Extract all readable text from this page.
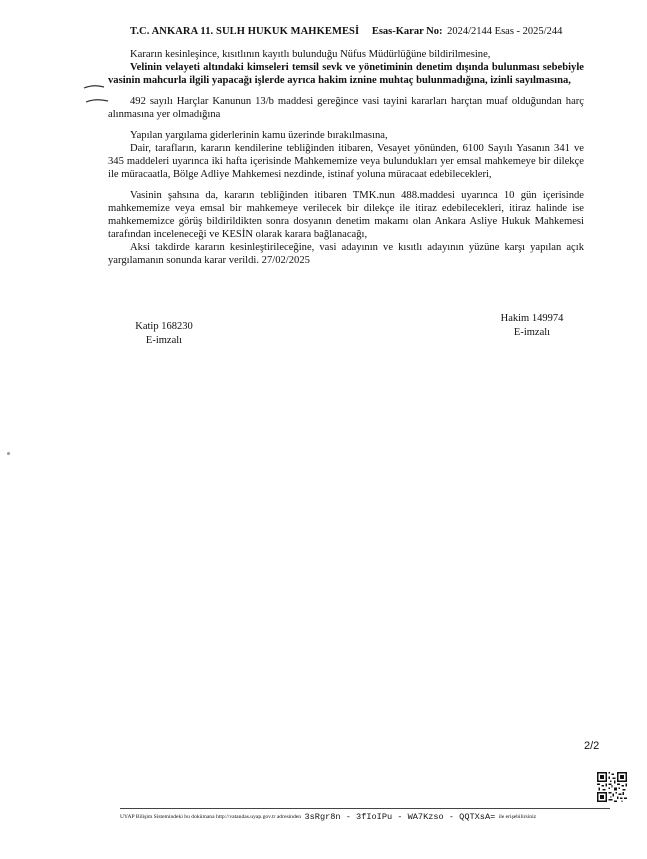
T.C. ANKARA 11. SULH HUKUK MAHKEMESİ Esas-Karar No: 2024/2144 Esas - 2025/244

Kararın kesinleşince, kısıtlının kayıtlı bulunduğu Nüfus Müdürlüğüne bildirilmesine,

Velinin velayeti altındaki kimseleri temsil sevk ve yönetiminin denetim dışında bulunması sebebiyle vasinin mahcurla ilgili yapacağı işlerde ayrıca hakim iznine muhtaç bulunmadığına, izinli sayılmasına,

492 sayılı Harçlar Kanunun 13/b maddesi gereğince vasi tayini kararları harçtan muaf olduğundan harç alınmasına yer olmadığına

Yapılan yargılama giderlerinin kamu üzerinde bırakılmasına,

Dair, tarafların, kararın kendilerine tebliğinden itibaren, Vesayet yönünden, 6100 Sayılı Yasanın 341 ve 345 maddeleri uyarınca iki hafta içerisinde Mahkememize veya bulundukları yer emsal mahkemeye bir dilekçe ile müracaatla, Bölge Adliye Mahkemesi nezdinde, istinaf yoluna müracaat edebilecekleri,

Vasinin şahsına da, kararın tebliğinden itibaren TMK.nun 488.maddesi uyarınca 10 gün içerisinde mahkememize veya emsal bir mahkemeye verilecek bir dilekçe ile itiraz edebilecekleri, itiraz halinde ise mahkememizce görüş bildirildikten sonra dosyanın denetim makamı olan Ankara Asliye Hukuk Mahkemesi tarafından inceleneceği ve KESİN olarak karara bağlanacağı,

Aksi takdirde kararın kesinleştirileceğine, vasi adayının ve kısıtlı adayının yüzüne karşı yapılan açık yargılamanın sonunda karar verildi. 27/02/2025

Katip 168230
E-imzalı
Hakim 149974
E-imzalı
2/2
UYAP Bilişim Sistemindeki bu dokümana http://vatandas.uyap.gov.tr adresinden 3sRgr8n - 3fIoIPu - WA7Kzso - QQTXsA= ile erişebilirsiniz
